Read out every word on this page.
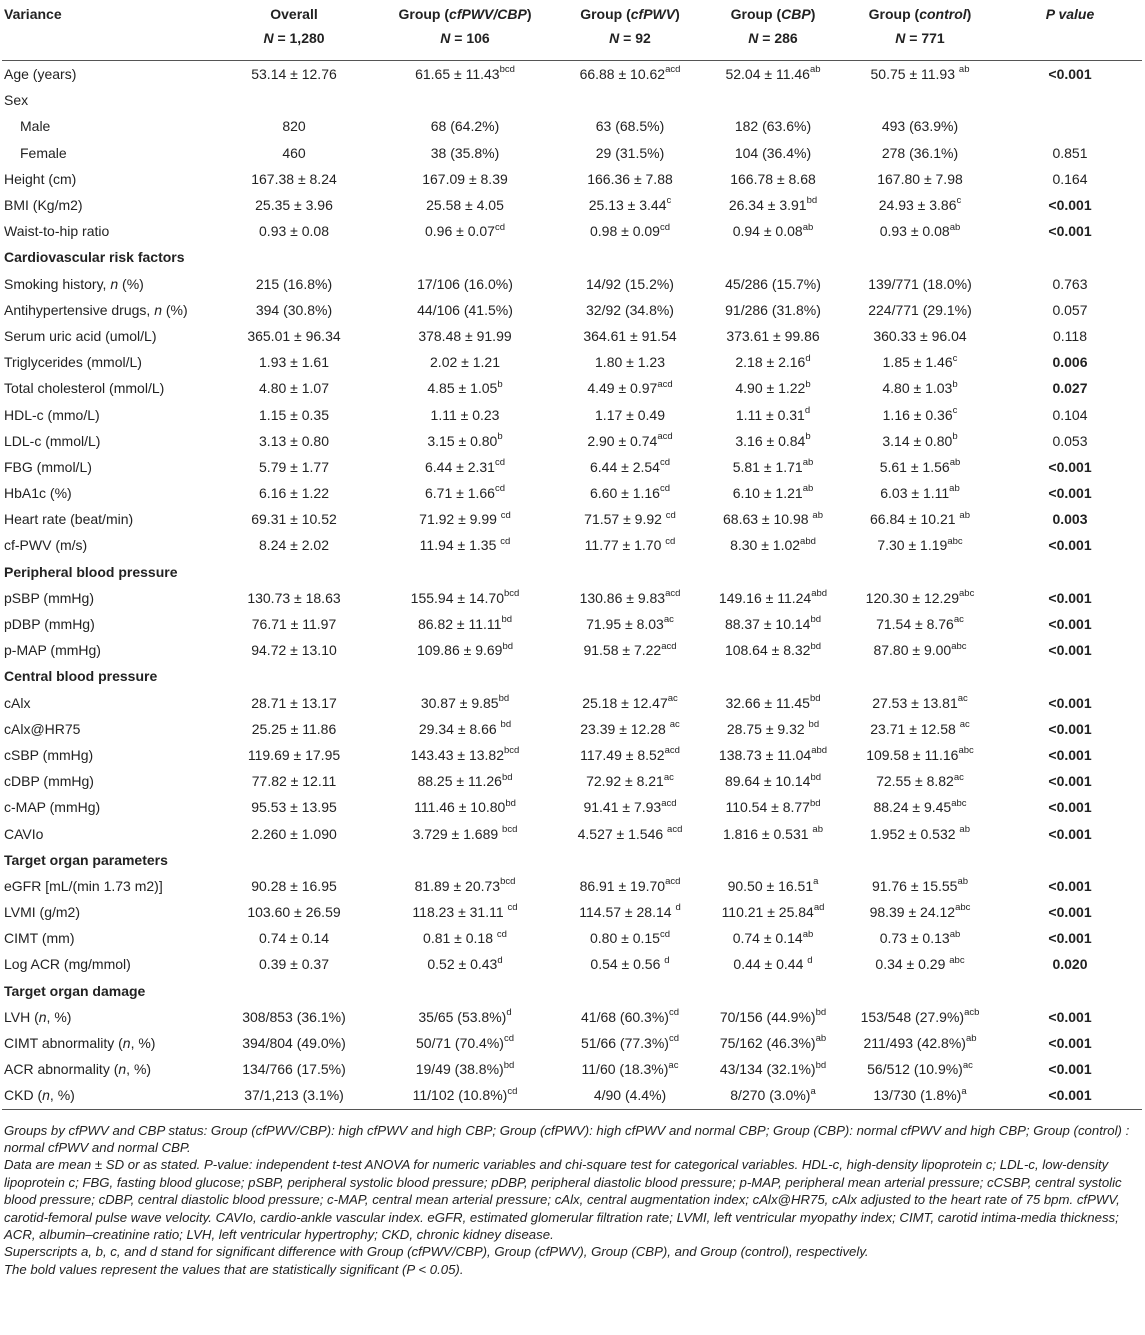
Variance	Overall	Group (cfPWV/CBP)	Group (cfPWV)	Group (CBP)	Group (control)	P value
	N = 1,280	N = 106	N = 92	N = 286	N = 771	
Age (years)	53.14 ± 12.76	61.65 ± 11.43$^{bcd}$	66.88 ± 10.62$^{acd}$	52.04 ± 11.46$^{ab}$	50.75 ± 11.93 $^{ab}$	<0.001
Sex						
Male	820	68 (64.2%)	63 (68.5%)	182 (63.6%)	493 (63.9%)	
Female	460	38 (35.8%)	29 (31.5%)	104 (36.4%)	278 (36.1%)	0.851
Height (cm)	167.38 ± 8.24	167.09 ± 8.39	166.36 ± 7.88	166.78 ± 8.68	167.80 ± 7.98	0.164
BMI (Kg/m2)	25.35 ± 3.96	25.58 ± 4.05	25.13 ± 3.44$^c$	26.34 ± 3.91$^{bd}$	24.93 ± 3.86$^c$	<0.001
Waist-to-hip ratio	0.93 ± 0.08	0.96 ± 0.07$^{cd}$	0.98 ± 0.09$^{cd}$	0.94 ± 0.08$^{ab}$	0.93 ± 0.08$^{ab}$	<0.001
Cardiovascular risk factors						
Smoking history, n (%)	215 (16.8%)	17/106 (16.0%)	14/92 (15.2%)	45/286 (15.7%)	139/771 (18.0%)	0.763
Antihypertensive drugs, n (%)	394 (30.8%)	44/106 (41.5%)	32/92 (34.8%)	91/286 (31.8%)	224/771 (29.1%)	0.057
Serum uric acid (umol/L)	365.01 ± 96.34	378.48 ± 91.99	364.61 ± 91.54	373.61 ± 99.86	360.33 ± 96.04	0.118
Triglycerides (mmol/L)	1.93 ± 1.61	2.02 ± 1.21	1.80 ± 1.23	2.18 ± 2.16$^d$	1.85 ± 1.46$^c$	0.006
Total cholesterol (mmol/L)	4.80 ± 1.07	4.85 ± 1.05$^b$	4.49 ± 0.97$^{acd}$	4.90 ± 1.22$^b$	4.80 ± 1.03$^b$	0.027
HDL-c (mmo/L)	1.15 ± 0.35	1.11 ± 0.23	1.17 ± 0.49	1.11 ± 0.31$^d$	1.16 ± 0.36$^c$	0.104
LDL-c (mmol/L)	3.13 ± 0.80	3.15 ± 0.80$^b$	2.90 ± 0.74$^{acd}$	3.16 ± 0.84$^b$	3.14 ± 0.80$^b$	0.053
FBG (mmol/L)	5.79 ± 1.77	6.44 ± 2.31$^{cd}$	6.44 ± 2.54$^{cd}$	5.81 ± 1.71$^{ab}$	5.61 ± 1.56$^{ab}$	<0.001
HbA1c (%)	6.16 ± 1.22	6.71 ± 1.66$^{cd}$	6.60 ± 1.16$^{cd}$	6.10 ± 1.21$^{ab}$	6.03 ± 1.11$^{ab}$	<0.001
Heart rate (beat/min)	69.31 ± 10.52	71.92 ± 9.99 $^{cd}$	71.57 ± 9.92 $^{cd}$	68.63 ± 10.98 $^{ab}$	66.84 ± 10.21 $^{ab}$	0.003
cf-PWV (m/s)	8.24 ± 2.02	11.94 ± 1.35 $^{cd}$	11.77 ± 1.70 $^{cd}$	8.30 ± 1.02$^{abd}$	7.30 ± 1.19$^{abc}$	<0.001
Peripheral blood pressure						
pSBP (mmHg)	130.73 ± 18.63	155.94 ± 14.70$^{bcd}$	130.86 ± 9.83$^{acd}$	149.16 ± 11.24$^{abd}$	120.30 ± 12.29$^{abc}$	<0.001
pDBP (mmHg)	76.71 ± 11.97	86.82 ± 11.11$^{bd}$	71.95 ± 8.03$^{ac}$	88.37 ± 10.14$^{bd}$	71.54 ± 8.76$^{ac}$	<0.001
p-MAP (mmHg)	94.72 ± 13.10	109.86 ± 9.69$^{bd}$	91.58 ± 7.22$^{acd}$	108.64 ± 8.32$^{bd}$	87.80 ± 9.00$^{abc}$	<0.001
Central blood pressure						
cAlx	28.71 ± 13.17	30.87 ± 9.85$^{bd}$	25.18 ± 12.47$^{ac}$	32.66 ± 11.45$^{bd}$	27.53 ± 13.81$^{ac}$	<0.001
cAlx@HR75	25.25 ± 11.86	29.34 ± 8.66 $^{bd}$	23.39 ± 12.28 $^{ac}$	28.75 ± 9.32 $^{bd}$	23.71 ± 12.58 $^{ac}$	<0.001
cSBP (mmHg)	119.69 ± 17.95	143.43 ± 13.82$^{bcd}$	117.49 ± 8.52$^{acd}$	138.73 ± 11.04$^{abd}$	109.58 ± 11.16$^{abc}$	<0.001
cDBP (mmHg)	77.82 ± 12.11	88.25 ± 11.26$^{bd}$	72.92 ± 8.21$^{ac}$	89.64 ± 10.14$^{bd}$	72.55 ± 8.82$^{ac}$	<0.001
c-MAP (mmHg)	95.53 ± 13.95	111.46 ± 10.80$^{bd}$	91.41 ± 7.93$^{acd}$	110.54 ± 8.77$^{bd}$	88.24 ± 9.45$^{abc}$	<0.001
CAVIo	2.260 ± 1.090	3.729 ± 1.689 $^{bcd}$	4.527 ± 1.546 $^{acd}$	1.816 ± 0.531 $^{ab}$	1.952 ± 0.532 $^{ab}$	<0.001
Target organ parameters						
eGFR [mL/(min 1.73 m2)]	90.28 ± 16.95	81.89 ± 20.73$^{bcd}$	86.91 ± 19.70$^{acd}$	90.50 ± 16.51$^a$	91.76 ± 15.55$^{ab}$	<0.001
LVMI (g/m2)	103.60 ± 26.59	118.23 ± 31.11 $^{cd}$	114.57 ± 28.14 $^d$	110.21 ± 25.84$^{ad}$	98.39 ± 24.12$^{abc}$	<0.001
CIMT (mm)	0.74 ± 0.14	0.81 ± 0.18 $^{cd}$	0.80 ± 0.15$^{cd}$	0.74 ± 0.14$^{ab}$	0.73 ± 0.13$^{ab}$	<0.001
Log ACR (mg/mmol)	0.39 ± 0.37	0.52 ± 0.43$^d$	0.54 ± 0.56 $^d$	0.44 ± 0.44 $^d$	0.34 ± 0.29 $^{abc}$	0.020
Target organ damage						
LVH (n, %)	308/853 (36.1%)	35/65 $(53.8\%)^d$	41/68 $(60.3\%)^{cd}$	70/156 $(44.9\%)^{bd}$	153/548 $(27.9\%)^{acb}$	<0.001
CIMT abnormality (n, %)	394/804 (49.0%)	50/71 $(70.4\%)^{cd}$	51/66 $(77.3\%)^{cd}$	75/162 $(46.3\%)^{ab}$	211/493 $(42.8\%)^{ab}$	<0.001
ACR abnormality (n, %)	134/766 (17.5%)	19/49 $(38.8\%)^{bd}$	11/60 $(18.3\%)^{ac}$	43/134 $(32.1\%)^{bd}$	56/512 $(10.9\%)^{ac}$	<0.001
CKD (n, %)	37/1,213 (3.1%)	11/102 $(10.8\%)^{cd}$	4/90 (4.4%)	8/270 $(3.0\%)^a$	13/730 $(1.8\%)^a$	<0.001

Groups by cfPWV and CBP status: Group (cfPWV/CBP): high cfPWV and high CBP; Group (cfPWV): high cfPWV and normal CBP; Group (CBP): normal cfPWV and high CBP; Group (control) : normal cfPWV and normal CBP.

Data are mean ± SD or as stated. P-value: independent t-test ANOVA for numeric variables and chi-square test for categorical variables. HDL-c, high-density lipoprotein c; LDL-c, low-density lipoprotein c; FBG, fasting blood glucose; pSBP, peripheral systolic blood pressure; pDBP, peripheral diastolic blood pressure; p-MAP, peripheral mean arterial pressure; cCSBP, central systolic blood pressure; cDBP, central diastolic blood pressure; c-MAP, central mean arterial pressure; cAlx, central augmentation index; cAlx@HR75, cAlx adjusted to the heart rate of 75 bpm. cfPWV, carotid-femoral pulse wave velocity. CAVIo, cardio-ankle vascular index. eGFR, estimated glomerular filtration rate; LVMI, left ventricular myopathy index; CIMT, carotid intima-media thickness; ACR, albumin–creatinine ratio; LVH, left ventricular hypertrophy; CKD, chronic kidney disease.

Superscripts a, b, c, and d stand for significant difference with Group (cfPWV/CBP), Group (cfPWV), Group (CBP), and Group (control), respectively.

The bold values represent the values that are statistically significant (P < 0.05).
